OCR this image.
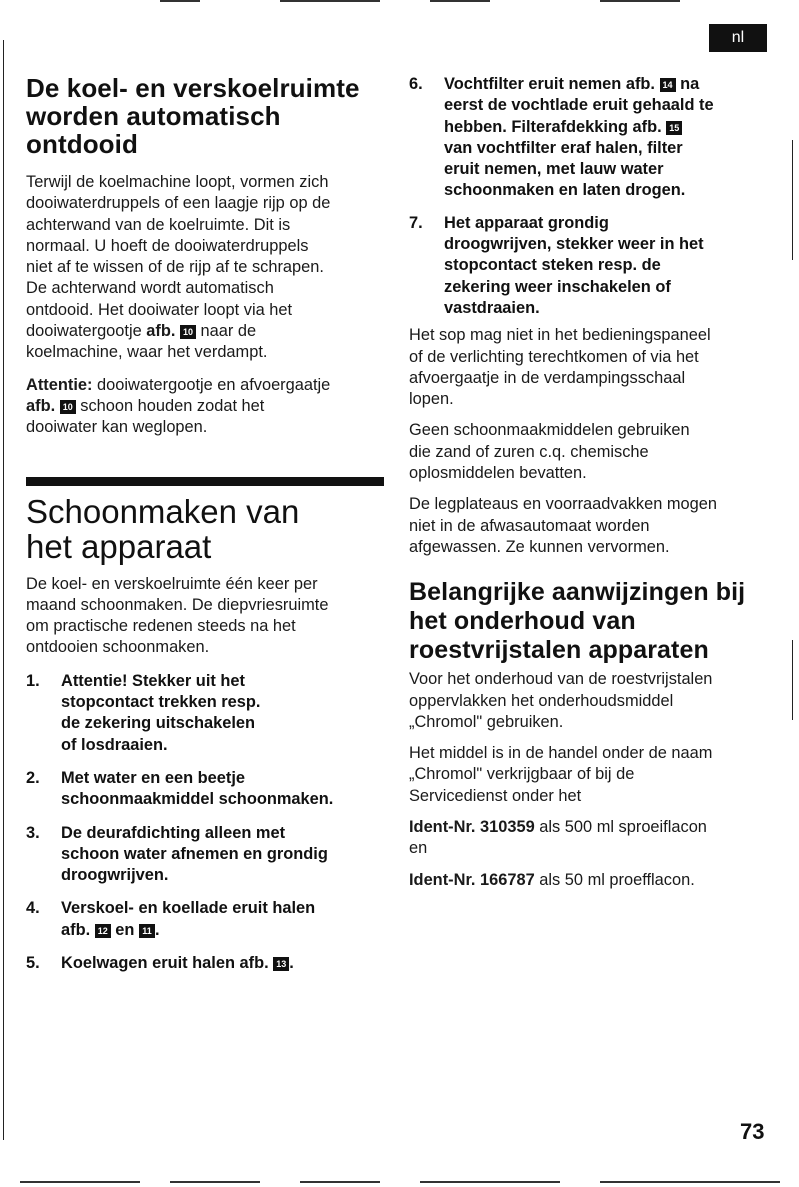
nl
De koel- en verskoelruimte
worden automatisch
ontdooid

Terwijl de koelmachine loopt, vormen zich
dooiwaterdruppels of een laagje rijp op de
achterwand van de koelruimte. Dit is
normaal. U hoeft de dooiwaterdruppels
niet af te wissen of de rijp af te schrapen.
De achterwand wordt automatisch
ontdooid. Het dooiwater loopt via het
dooiwatergootje afb. 10 naar de
koelmachine, waar het verdampt.

Attentie: dooiwatergootje en afvoergaatje
afb. 10 schoon houden zodat het
dooiwater kan weglopen.

Schoonmaken van
het apparaat

De koel- en verskoelruimte één keer per
maand schoonmaken. De diepvriesruimte
om practische redenen steeds na het
ontdooien schoonmaken.

1. Attentie! Stekker uit het
stopcontact trekken resp.
de zekering uitschakelen
of losdraaien.
2. Met water en een beetje
schoonmaakmiddel schoonmaken.
3. De deurafdichting alleen met
schoon water afnemen en grondig
droogwrijven.
4. Verskoel- en koellade eruit halen
afb. 12 en 11 .
5. Koelwagen eruit halen afb. 13 .
6. Vochtfilter eruit nemen afb. 14 na
eerst de vochtlade eruit gehaald te
hebben. Filterafdekking afb. 15
van vochtfilter eraf halen, filter
eruit nemen, met lauw water
schoonmaken en laten drogen.
7. Het apparaat grondig
droogwrijven, stekker weer in het
stopcontact steken resp. de
zekering weer inschakelen of
vastdraaien.

Het sop mag niet in het bedieningspaneel
of de verlichting terechtkomen of via het
afvoergaatje in de verdampingsschaal
lopen.

Geen schoonmaakmiddelen gebruiken
die zand of zuren c.q. chemische
oplosmiddelen bevatten.

De legplateaus en voorraadvakken mogen
niet in de afwasautomaat worden
afgewassen. Ze kunnen vervormen.

Belangrijke aanwijzingen bij
het onderhoud van
roestvrijstalen apparaten

Voor het onderhoud van de roestvrijstalen
oppervlakken het onderhoudsmiddel
„Chromol" gebruiken.

Het middel is in de handel onder de naam
„Chromol" verkrijgbaar of bij de
Servicedienst onder het

Ident-Nr. 310359 als 500 ml sproeiflacon
en

Ident-Nr. 166787 als 50 ml proefflacon.

73
